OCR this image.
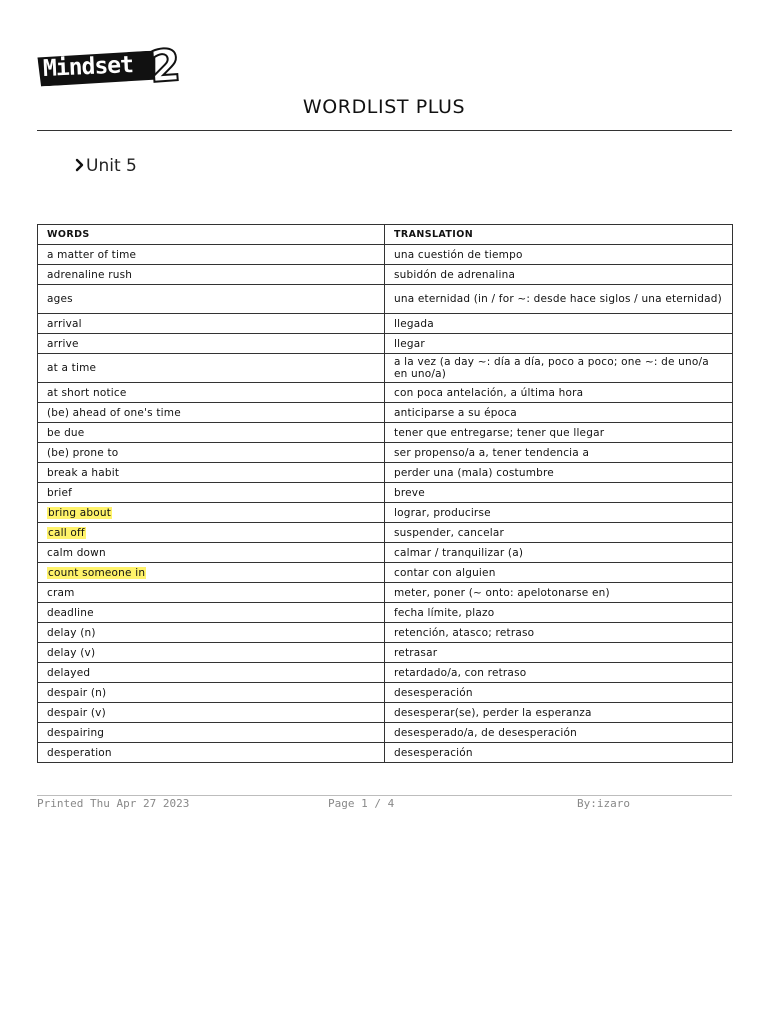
Mindset 2
WORDLIST PLUS
Unit 5
WORDS	TRANSLATION
a matter of time	una cuestión de tiempo
adrenaline rush	subidón de adrenalina
ages	una eternidad (in / for ~: desde hace siglos / una eternidad)
arrival	llegada
arrive	llegar
at a time	a la vez (a day ~: día a día, poco a poco; one ~: de uno/a en uno/a)
at short notice	con poca antelación, a última hora
(be) ahead of one's time	anticiparse a su época
be due	tener que entregarse; tener que llegar
(be) prone to	ser propenso/a a, tener tendencia a
break a habit	perder una (mala) costumbre
brief	breve
bring about	lograr, producirse
call off	suspender, cancelar
calm down	calmar / tranquilizar (a)
count someone in	contar con alguien
cram	meter, poner (~ onto: apelotonarse en)
deadline	fecha límite, plazo
delay (n)	retención, atasco; retraso
delay (v)	retrasar
delayed	retardado/a, con retraso
despair (n)	desesperación
despair (v)	desesperar(se), perder la esperanza
despairing	desesperado/a, de desesperación
desperation	desesperación
Printed Thu Apr 27 2023	Page 1 / 4	By:izaro
